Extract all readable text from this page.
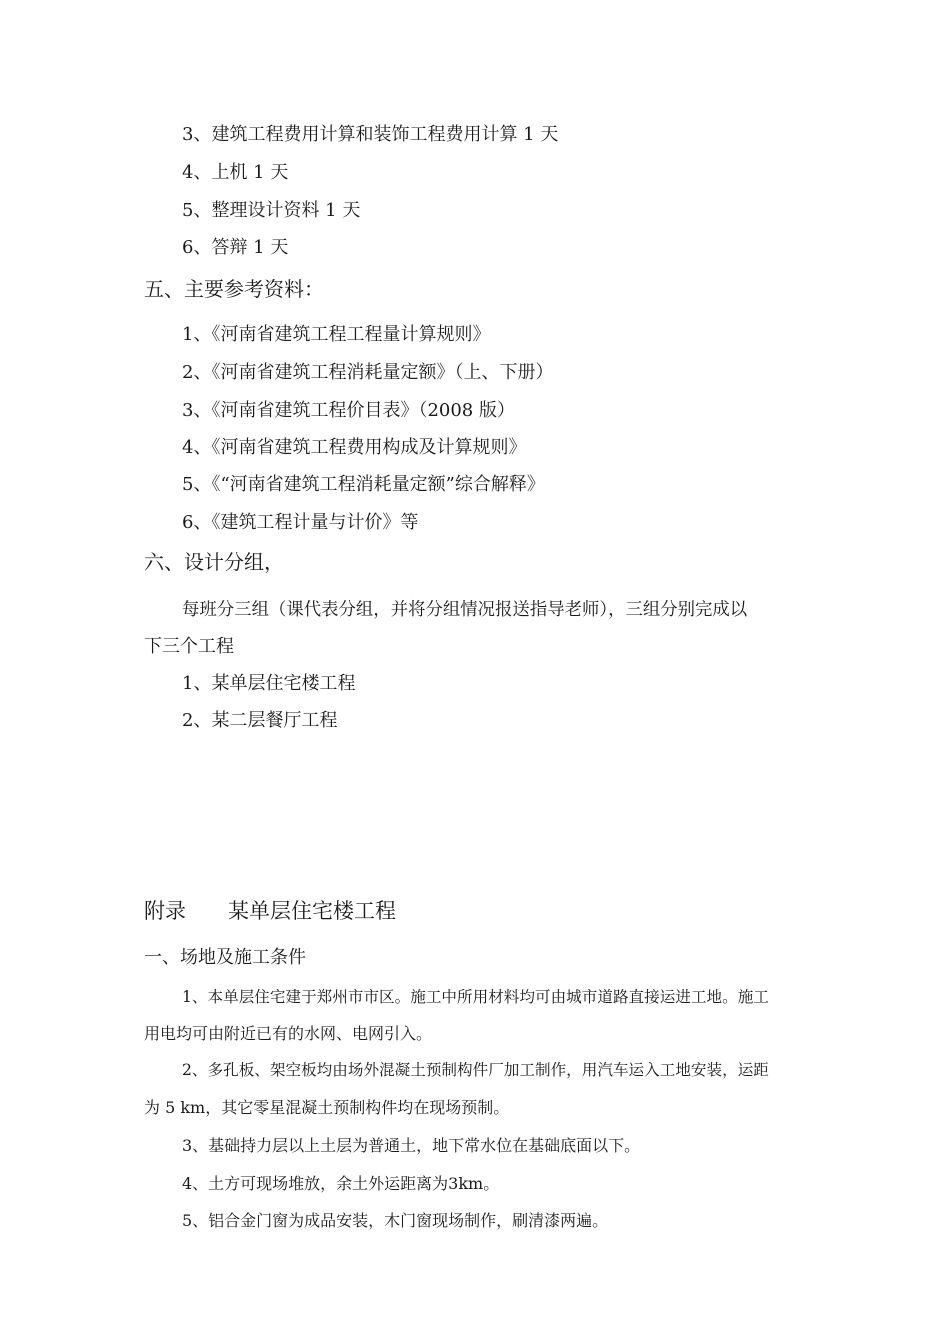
3、建筑工程费用计算和装饰工程费用计算 1 天
4、上机 1 天
5、整理设计资料 1 天
6、答辩 1 天
五、主要参考资料：
1、《河南省建筑工程工程量计算规则》
2、《河南省建筑工程消耗量定额》（上、下册）
3、《河南省建筑工程价目表》（2008 版）
4、《河南省建筑工程费用构成及计算规则》
5、《“河南省建筑工程消耗量定额”综合解释》
6、《建筑工程计量与计价》等
六、设计分组，
每班分三组（课代表分组，并将分组情况报送指导老师），三组分别完成以
下三个工程
1、某单层住宅楼工程
2、某二层餐厅工程
附录 某单层住宅楼工程
一、场地及施工条件
1、本单层住宅建于郑州市市区。施工中所用材料均可由城市道路直接运进工地。施工
用电均可由附近已有的水网、电网引入。
2、多孔板、架空板均由场外混凝土预制构件厂加工制作，用汽车运入工地安装，运距
为 5 km，其它零星混凝土预制构件均在现场预制。
3、基础持力层以上土层为普通土，地下常水位在基础底面以下。
4、土方可现场堆放，余土外运距离为3km。
5、铝合金门窗为成品安装，木门窗现场制作，刷清漆两遍。
